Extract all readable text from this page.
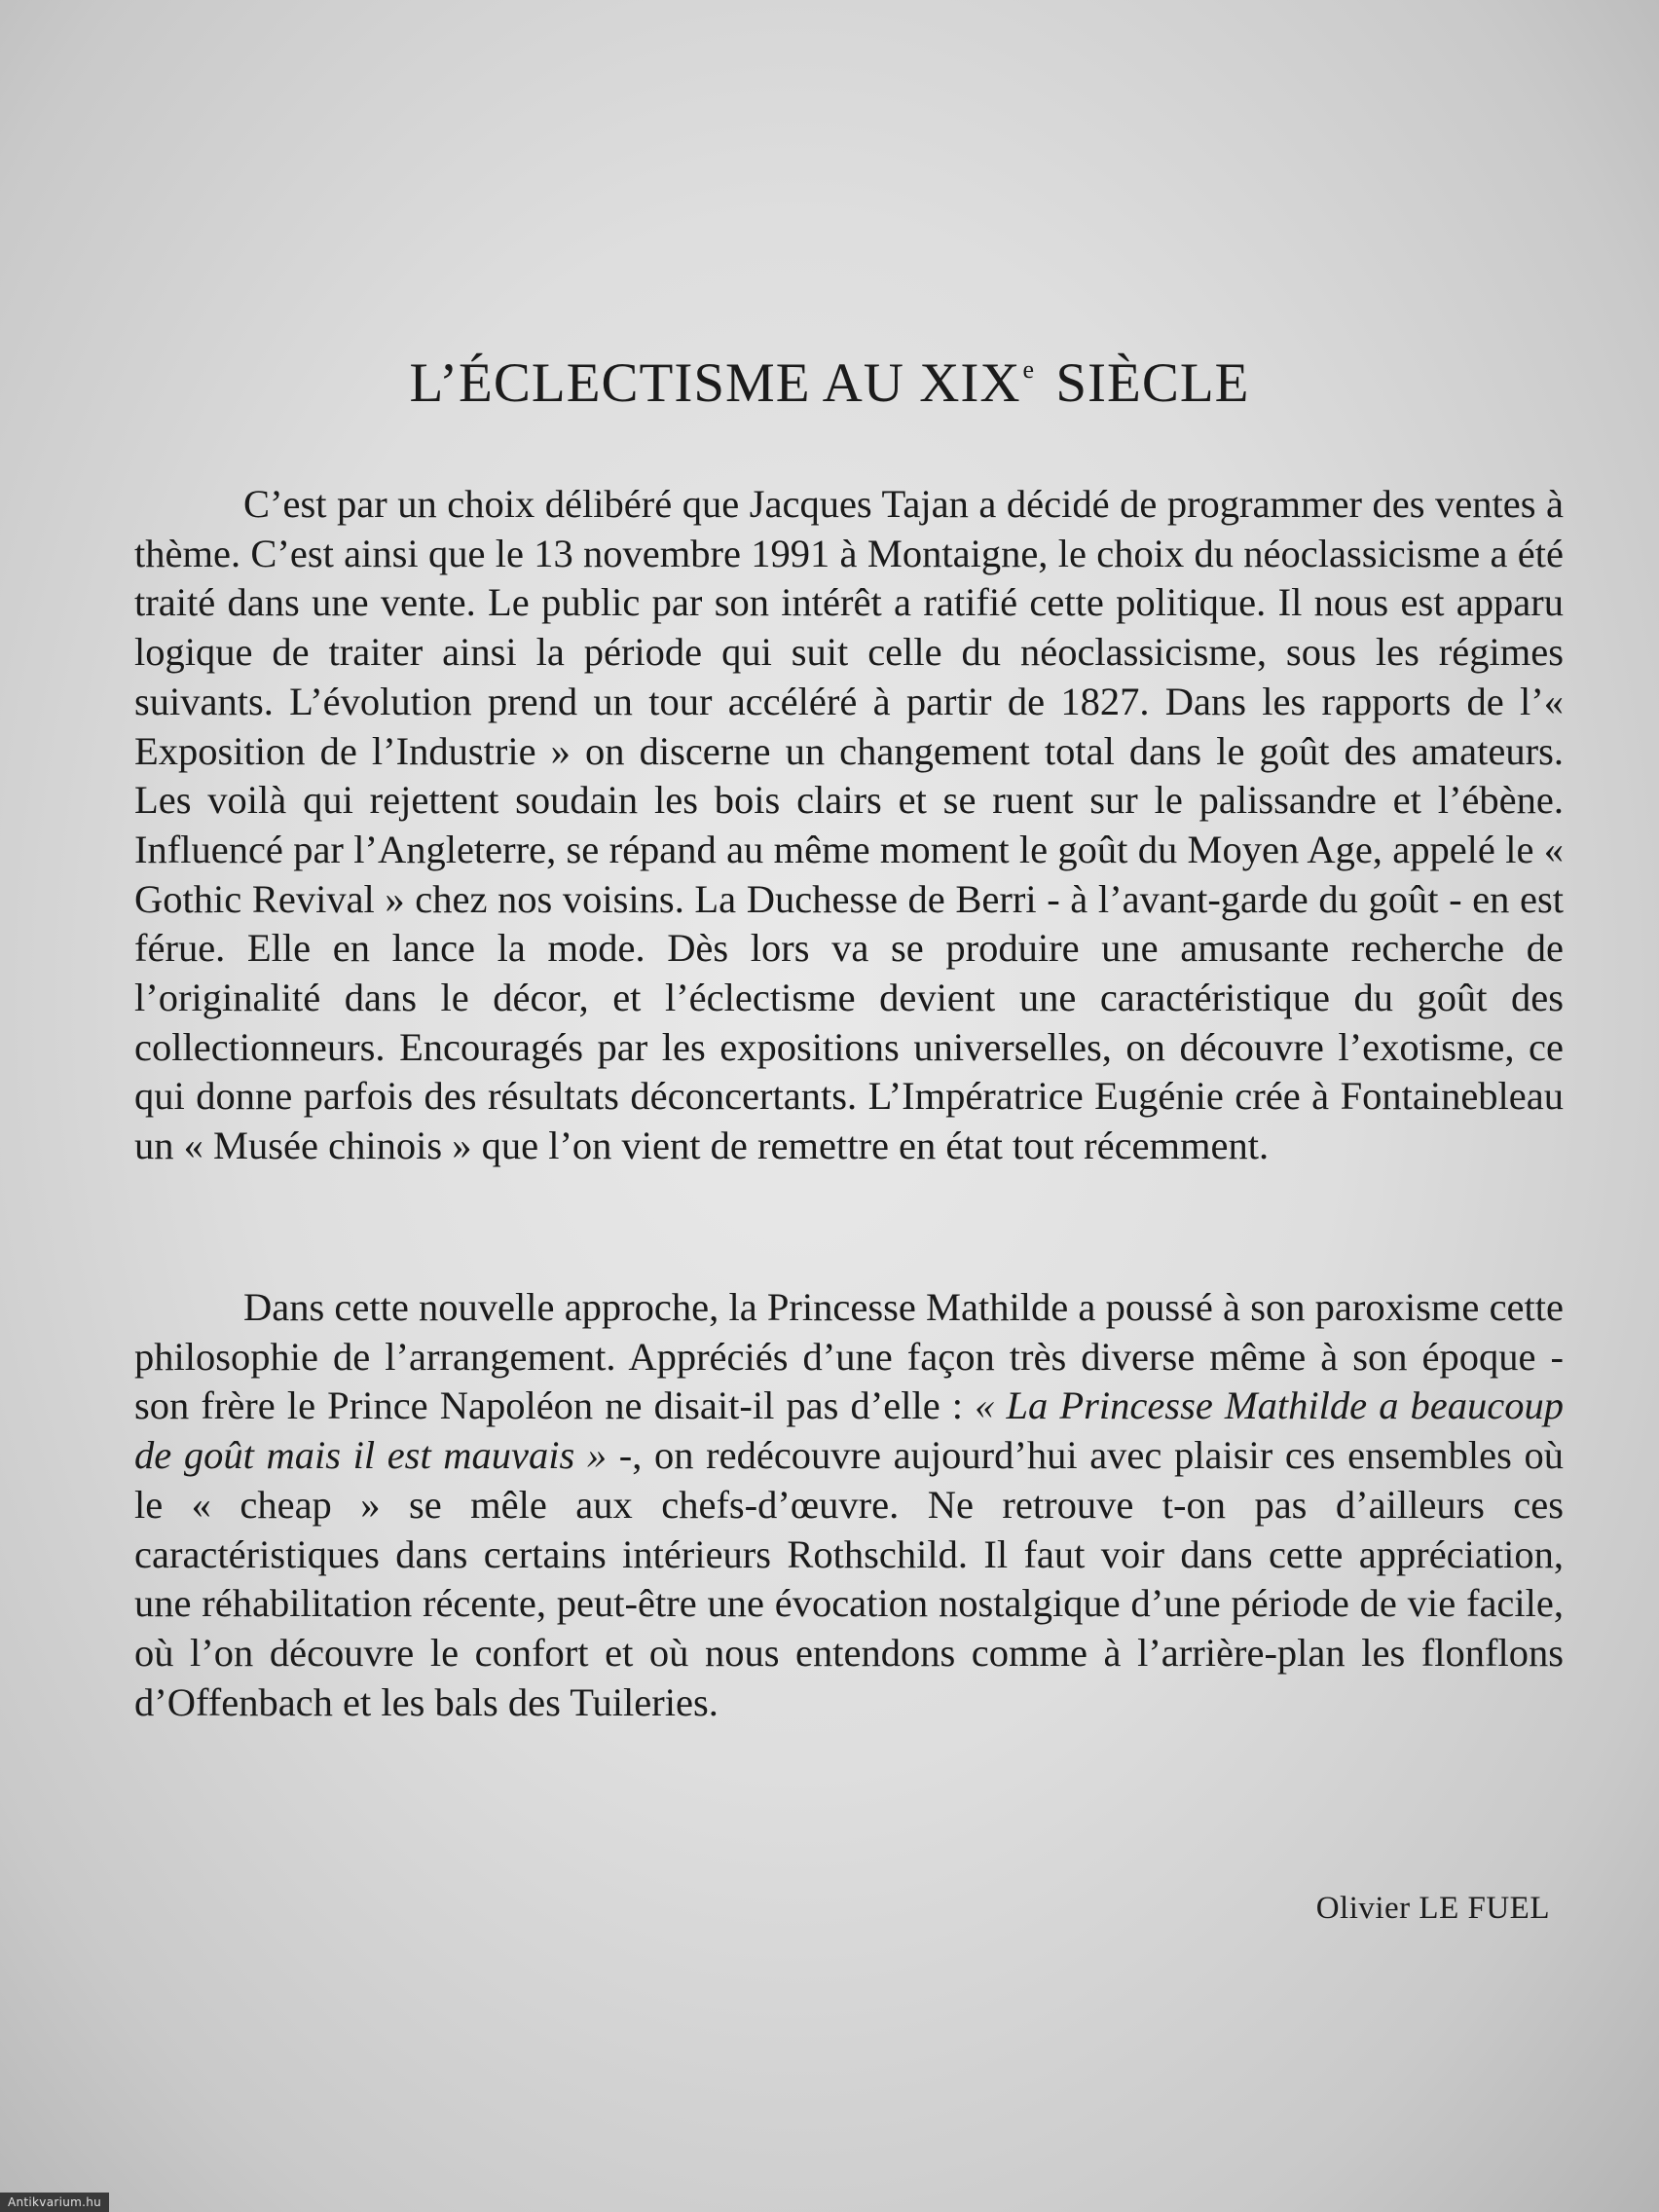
L’ÉCLECTISME AU XIXe SIÈCLE

C’est par un choix délibéré que Jacques Tajan a décidé de programmer des ventes à thème. C’est ainsi que le 13 novembre 1991 à Montaigne, le choix du néoclassicisme a été traité dans une vente. Le public par son intérêt a ratifié cette politique. Il nous est apparu logique de traiter ainsi la période qui suit celle du néoclassicisme, sous les régimes suivants. L’évolution prend un tour accéléré à partir de 1827. Dans les rapports de l’« Exposition de l’Industrie » on discerne un changement total dans le goût des amateurs. Les voilà qui rejettent soudain les bois clairs et se ruent sur le palissandre et l’ébène. Influencé par l’Angleterre, se répand au même moment le goût du Moyen Age, appelé le « Gothic Revival » chez nos voisins. La Duchesse de Berri - à l’avant-garde du goût - en est férue. Elle en lance la mode. Dès lors va se produire une amusante recherche de l’originalité dans le décor, et l’éclectisme devient une caractéristique du goût des collectionneurs. Encouragés par les expositions universelles, on découvre l’exotisme, ce qui donne parfois des résultats déconcertants. L’Impératrice Eugénie crée à Fontainebleau un « Musée chinois » que l’on vient de remettre en état tout récemment.

Dans cette nouvelle approche, la Princesse Mathilde a poussé à son paroxisme cette philosophie de l’arrangement. Appréciés d’une façon très diverse même à son époque - son frère le Prince Napoléon ne disait-il pas d’elle : « La Princesse Mathilde a beaucoup de goût mais il est mauvais » -, on redécouvre aujourd’hui avec plaisir ces ensembles où le « cheap » se mêle aux chefs-d’œuvre. Ne retrouve t-on pas d’ailleurs ces caractéristiques dans certains intérieurs Rothschild. Il faut voir dans cette appréciation, une réhabilitation récente, peut-être une évocation nostalgique d’une période de vie facile, où l’on découvre le confort et où nous entendons comme à l’arrière-plan les flonflons d’Offenbach et les bals des Tuileries.

Olivier LE FUEL
Antikvarium.hu
